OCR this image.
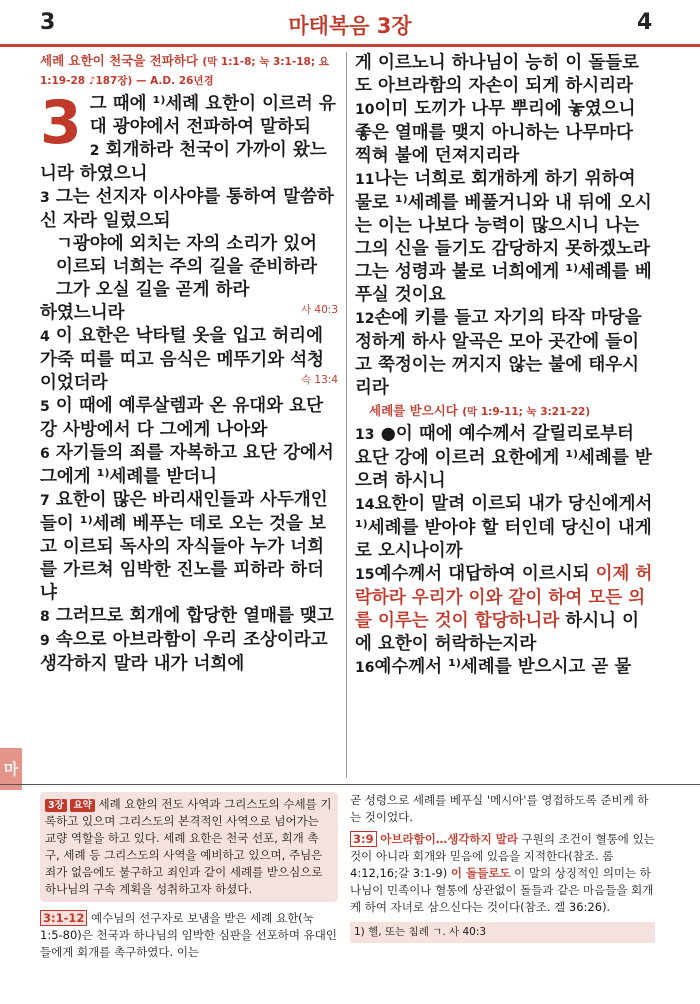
3	마태복음 3장	4
세례 요한이 천국을 전파하다 (막 1:1-8; 눅 3:1-18; 요 1:19-28 ♪187장) — A.D. 26년경

3 그 때에 ¹⁾세례 요한이 이르러 유대 광야에서 전파하여 말하되

2 회개하라 천국이 가까이 왔느니라 하였으니

3 그는 선지자 이사야를 통하여 말씀하신 자라 일렀으되

ㄱ광야에 외치는 자의 소리가 있어 이르되 너희는 주의 길을 준비하라 그가 오실 길을 곧게 하라

하였느니라	사 40:3

4 이 요한은 낙타털 옷을 입고 허리에 가죽 띠를 띠고 음식은 메뚜기와 석청이었더라	슥 13:4

5 이 때에 예루살렘과 온 유대와 요단 강 사방에서 다 그에게 나아와

6 자기들의 죄를 자복하고 요단 강에서 그에게 ¹⁾세례를 받더니

7 요한이 많은 바리새인들과 사두개인들이 ¹⁾세례 베푸는 데로 오는 것을 보고 이르되 독사의 자식들아 누가 너희를 가르쳐 임박한 진노를 피하라 하더냐

8 그러므로 회개에 합당한 열매를 맺고

9 속으로 아브라함이 우리 조상이라고 생각하지 말라 내가 너희에

게 이르노니 하나님이 능히 이 돌들로도 아브라함의 자손이 되게 하시리라

10이미 도끼가 나무 뿌리에 놓였으니 좋은 열매를 맺지 아니하는 나무마다 찍혀 불에 던져지리라

11나는 너희로 회개하게 하기 위하여 물로 ¹⁾세례를 베풀거니와 내 뒤에 오시는 이는 나보다 능력이 많으시니 나는 그의 신을 들기도 감당하지 못하겠노라 그는 성령과 불로 너희에게 ¹⁾세례를 베푸실 것이요

12손에 키를 들고 자기의 타작 마당을 정하게 하사 알곡은 모아 곳간에 들이고 쭉정이는 꺼지지 않는 불에 태우시리라

세례를 받으시다 (막 1:9-11; 눅 3:21-22)

13 ●이 때에 예수께서 갈릴리로부터 요단 강에 이르러 요한에게 ¹⁾세례를 받으려 하시니

14요한이 말려 이르되 내가 당신에게서 ¹⁾세례를 받아야 할 터인데 당신이 내게로 오시나이까

15예수께서 대답하여 이르시되 이제 허락하라 우리가 이와 같이 하여 모든 의를 이루는 것이 합당하니라 하시니 이에 요한이 허락하는지라

16예수께서 ¹⁾세례를 받으시고 곧 물

마
3장 요약 세례 요한의 전도 사역과 그리스도의 수세를 기록하고 있으며 그리스도의 본격적인 사역으로 넘어가는 교량 역할을 하고 있다. 세례 요한은 천국 선포, 회개 촉구, 세례 등 그리스도의 사역을 예비하고 있으며, 주님은 죄가 없음에도 불구하고 죄인과 같이 세례를 받으심으로 하나님의 구속 계획을 성취하고자 하셨다.
3:1-12 예수님의 선구자로 보냄을 받은 세례 요한(눅 1:5-80)은 천국과 하나님의 임박한 심판을 선포하며 유대인들에게 회개를 촉구하였다. 이는
곧 성령으로 세례를 베푸실 '메시아'를 영접하도록 준비케 하는 것이었다.
3:9 아브라함이…생각하지 말라 구원의 조건이 혈통에 있는 것이 아니라 회개와 믿음에 있음을 지적한다(참조. 롬 4:12,16;갈 3:1-9) 이 돌들로도 이 말의 상징적인 의미는 하나님이 민족이나 혈통에 상관없이 돌들과 같은 마음들을 회개케 하여 자녀로 삼으신다는 것이다(참조. 겔 36:26).
1) 헬, 또는 침례 ㄱ. 사 40:3
